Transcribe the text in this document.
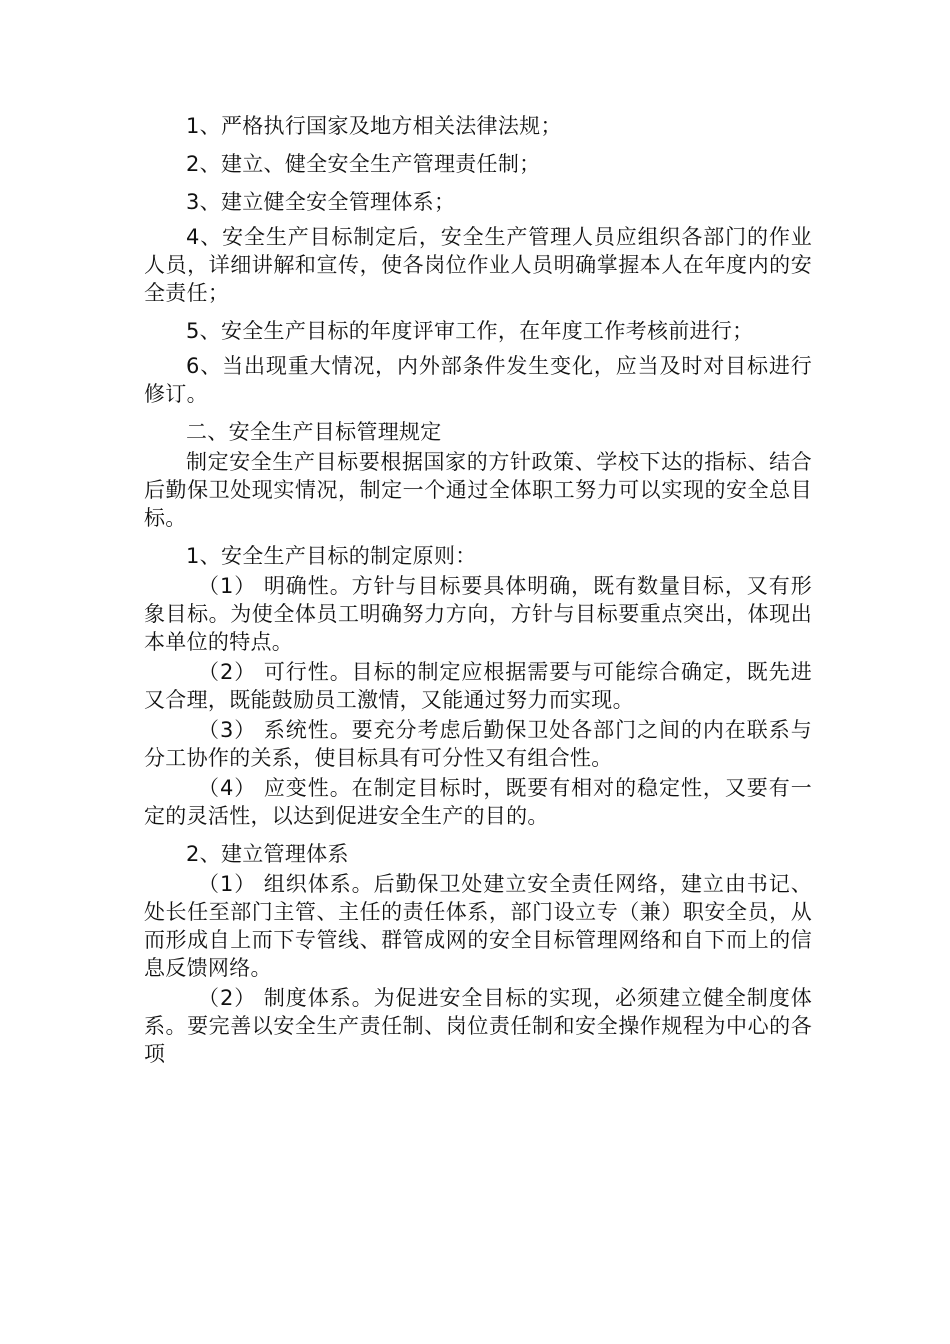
1、严格执行国家及地方相关法律法规；

2、建立、健全安全生产管理责任制；

3、建立健全安全管理体系；

4、安全生产目标制定后，安全生产管理人员应组织各部门的作业人员，详细讲解和宣传，使各岗位作业人员明确掌握本人在年度内的安全责任；

5、安全生产目标的年度评审工作，在年度工作考核前进行；

6、当出现重大情况，内外部条件发生变化，应当及时对目标进行修订。

二、安全生产目标管理规定

制定安全生产目标要根据国家的方针政策、学校下达的指标、结合后勤保卫处现实情况，制定一个通过全体职工努力可以实现的安全总目标。

1、安全生产目标的制定原则：

（1） 明确性。方针与目标要具体明确，既有数量目标，又有形象目标。为使全体员工明确努力方向，方针与目标要重点突出，体现出本单位的特点。

（2） 可行性。目标的制定应根据需要与可能综合确定，既先进又合理，既能鼓励员工激情，又能通过努力而实现。

（3） 系统性。要充分考虑后勤保卫处各部门之间的内在联系与分工协作的关系，使目标具有可分性又有组合性。

（4） 应变性。在制定目标时，既要有相对的稳定性，又要有一定的灵活性，以达到促进安全生产的目的。

2、建立管理体系

（1） 组织体系。后勤保卫处建立安全责任网络，建立由书记、处长任至部门主管、主任的责任体系，部门设立专（兼）职安全员，从而形成自上而下专管线、群管成网的安全目标管理网络和自下而上的信息反馈网络。

（2） 制度体系。为促进安全目标的实现，必须建立健全制度体系。要完善以安全生产责任制、岗位责任制和安全操作规程为中心的各项
